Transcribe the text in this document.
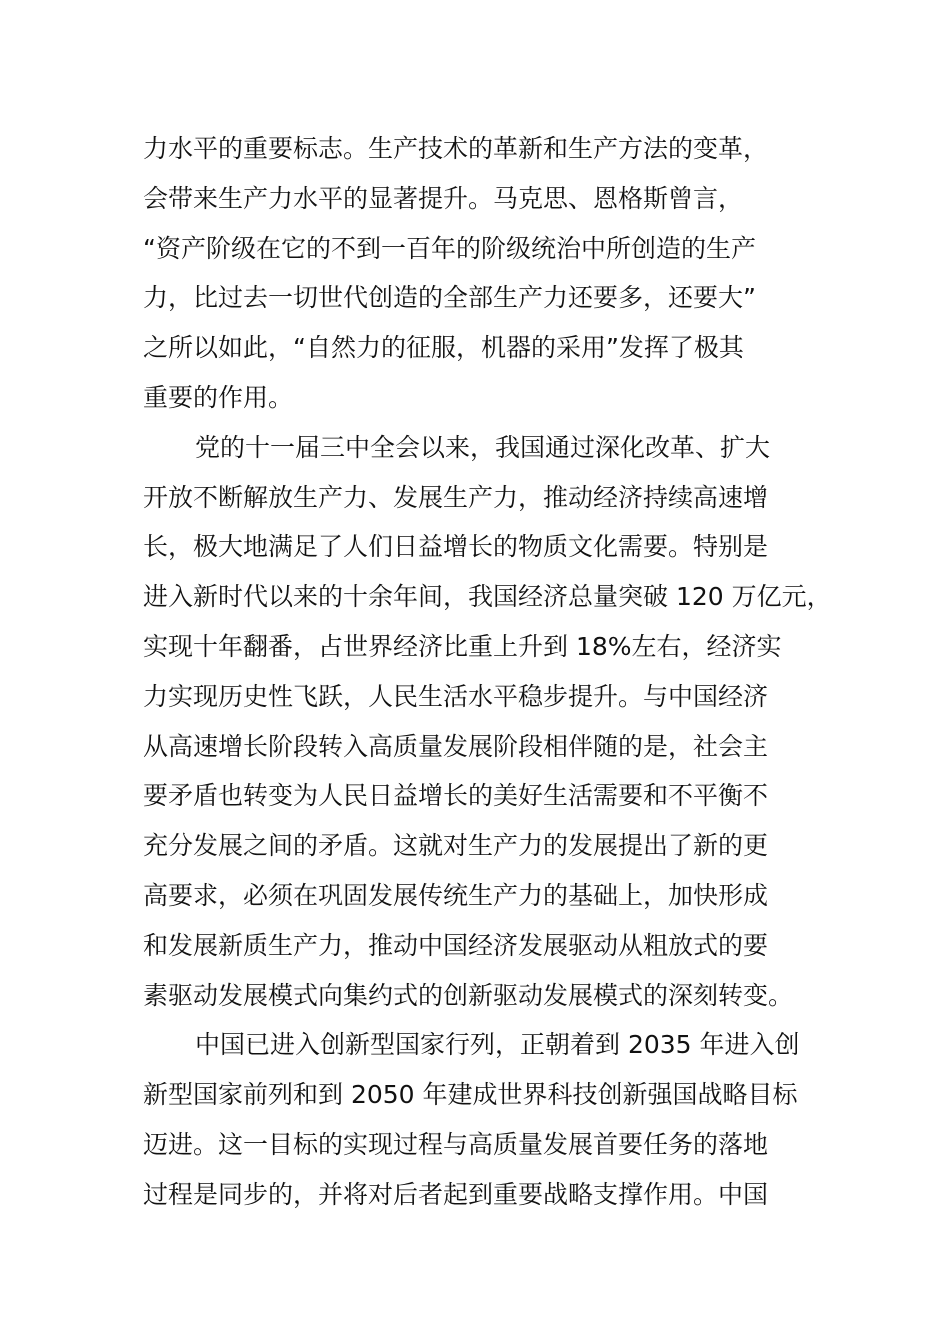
力水平的重要标志。生产技术的革新和生产方法的变革，
会带来生产力水平的显著提升。马克思、恩格斯曾言，
“资产阶级在它的不到一百年的阶级统治中所创造的生产
力，比过去一切世代创造的全部生产力还要多，还要大”
之所以如此，“自然力的征服，机器的采用”发挥了极其
重要的作用。
党的十一届三中全会以来，我国通过深化改革、扩大
开放不断解放生产力、发展生产力，推动经济持续高速增
长，极大地满足了人们日益增长的物质文化需要。特别是
进入新时代以来的十余年间，我国经济总量突破 120 万亿元，
实现十年翻番，占世界经济比重上升到 18%左右，经济实
力实现历史性飞跃，人民生活水平稳步提升。与中国经济
从高速增长阶段转入高质量发展阶段相伴随的是，社会主
要矛盾也转变为人民日益增长的美好生活需要和不平衡不
充分发展之间的矛盾。这就对生产力的发展提出了新的更
高要求，必须在巩固发展传统生产力的基础上，加快形成
和发展新质生产力，推动中国经济发展驱动从粗放式的要
素驱动发展模式向集约式的创新驱动发展模式的深刻转变。
中国已进入创新型国家行列，正朝着到 2035 年进入创
新型国家前列和到 2050 年建成世界科技创新强国战略目标
迈进。这一目标的实现过程与高质量发展首要任务的落地
过程是同步的，并将对后者起到重要战略支撑作用。中国
